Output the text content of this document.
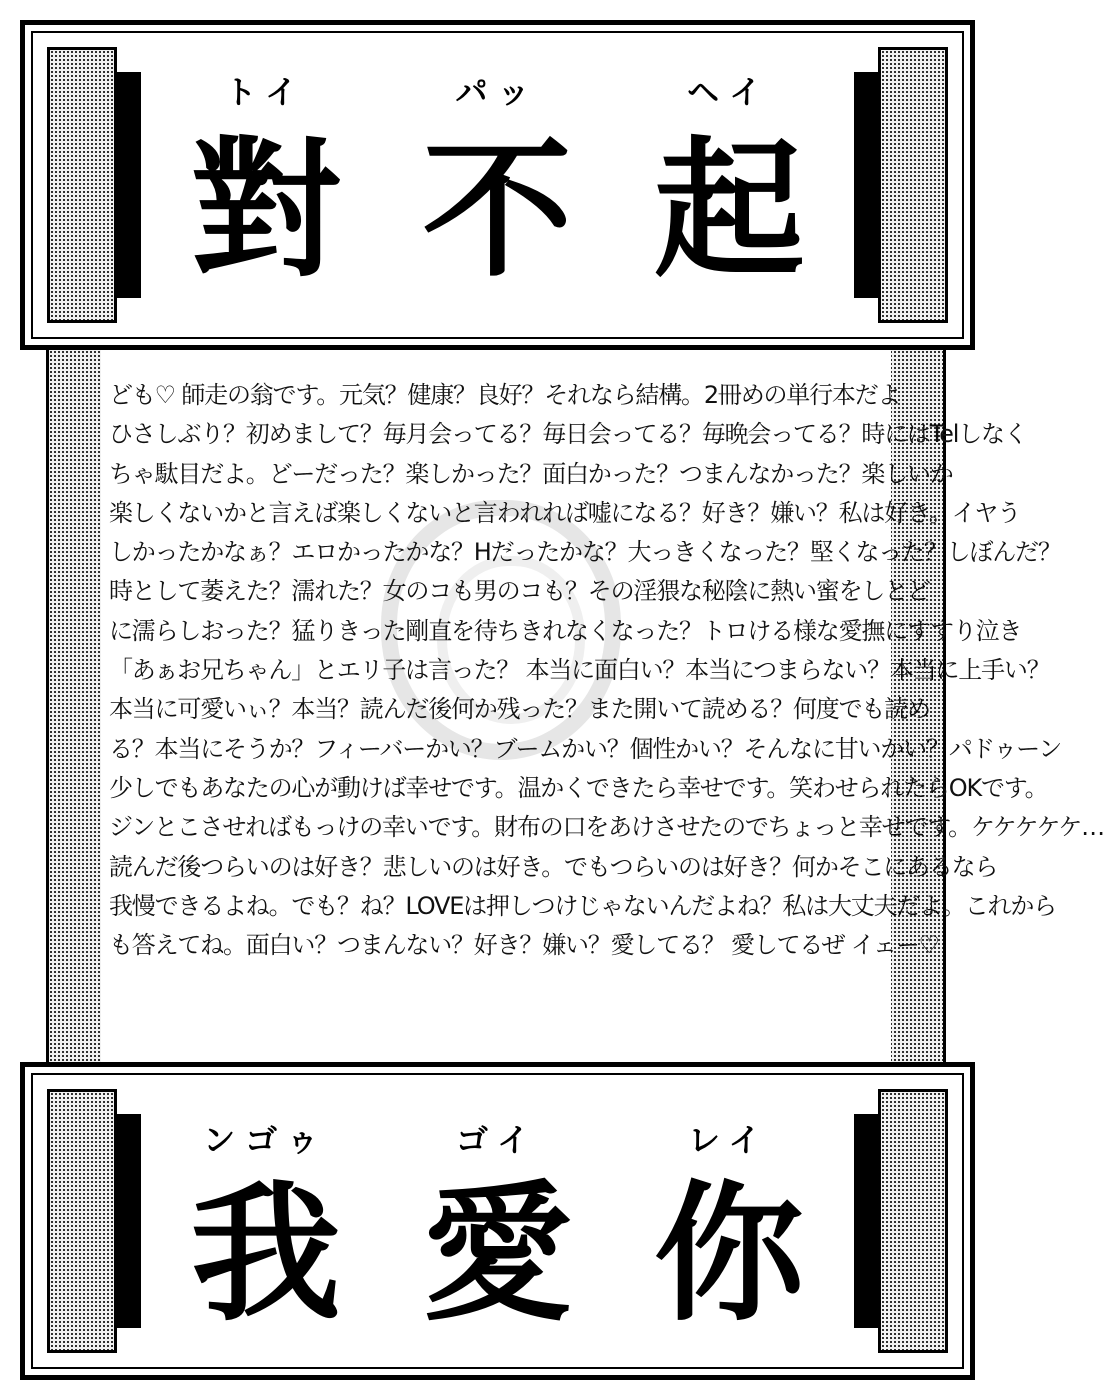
トイ	パッ	ヘイ
對 不 起
ども♡ 師走の翁です。元気？健康？良好？それなら結構。2冊めの単行本だよ
ひさしぶり？初めまして？毎月会ってる？毎日会ってる？毎晩会ってる？時にはTelしなく
ちゃ駄目だよ。どーだった？楽しかった？面白かった？つまんなかった？楽しいか
楽しくないかと言えば楽しくないと言われれば嘘になる？好き？嫌い？私は好き。イヤう
しかったかなぁ？エロかったかな？Hだったかな？大っきくなった？堅くなった？しぼんだ？
時として萎えた？濡れた？女のコも男のコも？その淫猥な秘陰に熱い蜜をしとど
に濡らしおった？猛りきった剛直を待ちきれなくなった？トロける様な愛撫にすすり泣き
「あぁお兄ちゃん」とエリ子は言った？ 本当に面白い？本当につまらない？本当に上手い？
本当に可愛いぃ？本当？読んだ後何か残った？また開いて読める？何度でも読め
る？本当にそうか？フィーバーかい？ブームかい？個性かい？そんなに甘いかい？パドゥーン
少しでもあなたの心が動けば幸せです。温かくできたら幸せです。笑わせられたらOKです。
ジンとこさせればもっけの幸いです。財布の口をあけさせたのでちょっと幸せです。ケケケケケ…
読んだ後つらいのは好き？悲しいのは好き。でもつらいのは好き？何かそこにあるなら
我慢できるよね。でも？ね？LOVEは押しつけじゃないんだよね？私は大丈夫だよ。これから
も答えてね。面白い？つまんない？好き？嫌い？愛してる？ 愛してるぜ イェー♡
ンゴゥ	ゴイ	レイ
我 愛 你
